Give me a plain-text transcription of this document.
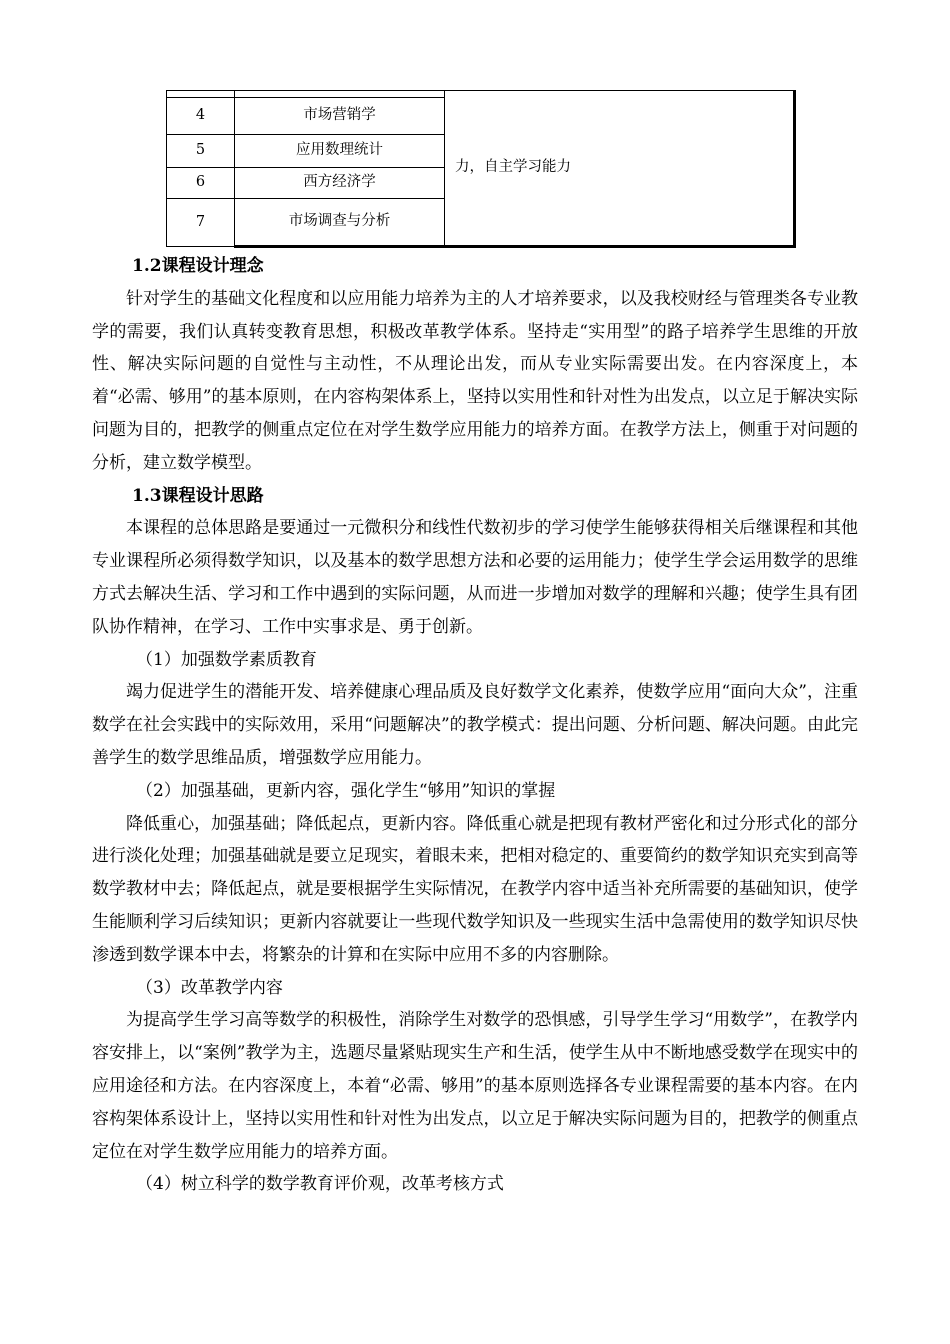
		力，自主学习能力
4	市场营销学	
5	应用数理统计	
6	西方经济学	
7	市场调查与分析	

1.2课程设计理念

针对学生的基础文化程度和以应用能力培养为主的人才培养要求，以及我校财经与管理类各专业教学的需要，我们认真转变教育思想，积极改革教学体系。坚持走“实用型”的路子培养学生思维的开放性、解决实际问题的自觉性与主动性，不从理论出发，而从专业实际需要出发。在内容深度上，本着“必需、够用”的基本原则，在内容构架体系上，坚持以实用性和针对性为出发点，以立足于解决实际问题为目的，把教学的侧重点定位在对学生数学应用能力的培养方面。在教学方法上，侧重于对问题的分析，建立数学模型。

1.3课程设计思路

本课程的总体思路是要通过一元微积分和线性代数初步的学习使学生能够获得相关后继课程和其他专业课程所必须得数学知识，以及基本的数学思想方法和必要的运用能力；使学生学会运用数学的思维方式去解决生活、学习和工作中遇到的实际问题，从而进一步增加对数学的理解和兴趣；使学生具有团队协作精神，在学习、工作中实事求是、勇于创新。

（1）加强数学素质教育

竭力促进学生的潜能开发、培养健康心理品质及良好数学文化素养，使数学应用“面向大众”，注重数学在社会实践中的实际效用，采用“问题解决”的教学模式：提出问题、分析问题、解决问题。由此完善学生的数学思维品质，增强数学应用能力。

（2）加强基础，更新内容，强化学生“够用”知识的掌握

降低重心，加强基础；降低起点，更新内容。降低重心就是把现有教材严密化和过分形式化的部分进行淡化处理；加强基础就是要立足现实，着眼未来，把相对稳定的、重要简约的数学知识充实到高等数学教材中去；降低起点，就是要根据学生实际情况，在教学内容中适当补充所需要的基础知识，使学生能顺利学习后续知识；更新内容就要让一些现代数学知识及一些现实生活中急需使用的数学知识尽快渗透到数学课本中去，将繁杂的计算和在实际中应用不多的内容删除。

（3）改革教学内容

为提高学生学习高等数学的积极性，消除学生对数学的恐惧感，引导学生学习“用数学”，在教学内容安排上，以“案例”教学为主，选题尽量紧贴现实生产和生活，使学生从中不断地感受数学在现实中的应用途径和方法。在内容深度上，本着“必需、够用”的基本原则选择各专业课程需要的基本内容。在内容构架体系设计上，坚持以实用性和针对性为出发点，以立足于解决实际问题为目的，把教学的侧重点定位在对学生数学应用能力的培养方面。

（4）树立科学的数学教育评价观，改革考核方式
